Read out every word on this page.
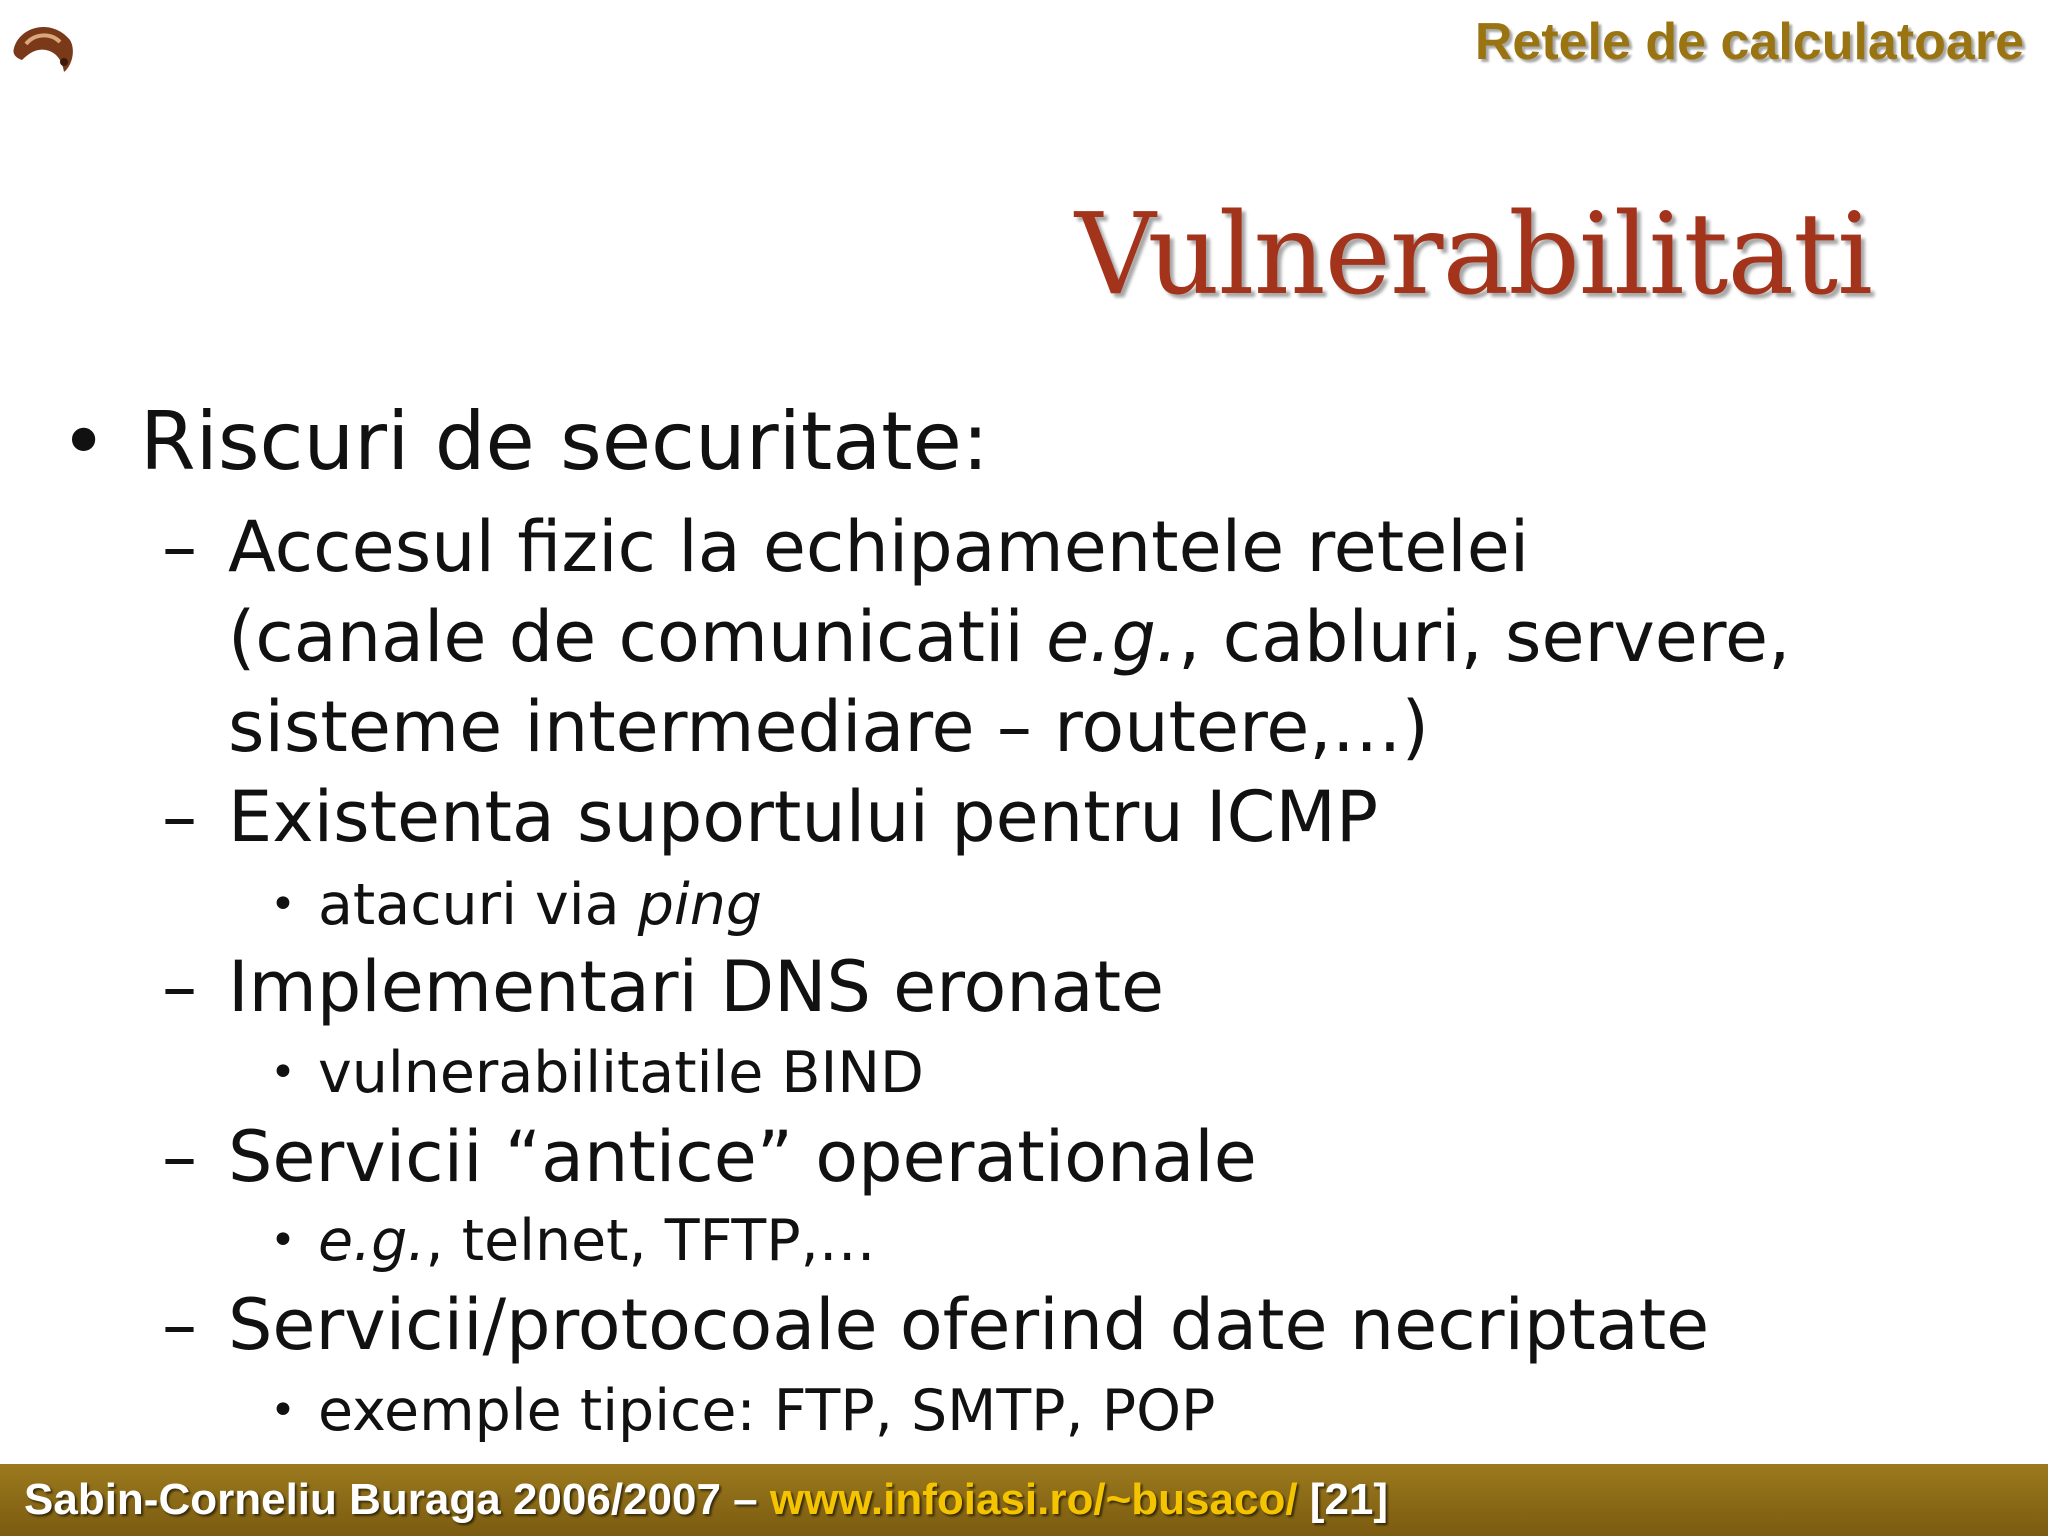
Retele de calculatoare
Vulnerabilitati
• Riscuri de securitate:
– Accesul fizic la echipamentele retelei
(canale de comunicatii e.g., cabluri, servere,
sisteme intermediare – routere,…)
– Existenta suportului pentru ICMP
• atacuri via ping
– Implementari DNS eronate
• vulnerabilitatile BIND
– Servicii “antice” operationale
• e.g., telnet, TFTP,…
– Servicii/protocoale oferind date necriptate
• exemple tipice: FTP, SMTP, POP
Sabin-Corneliu Buraga 2006/2007 – www.infoiasi.ro/~busaco/ [21]
